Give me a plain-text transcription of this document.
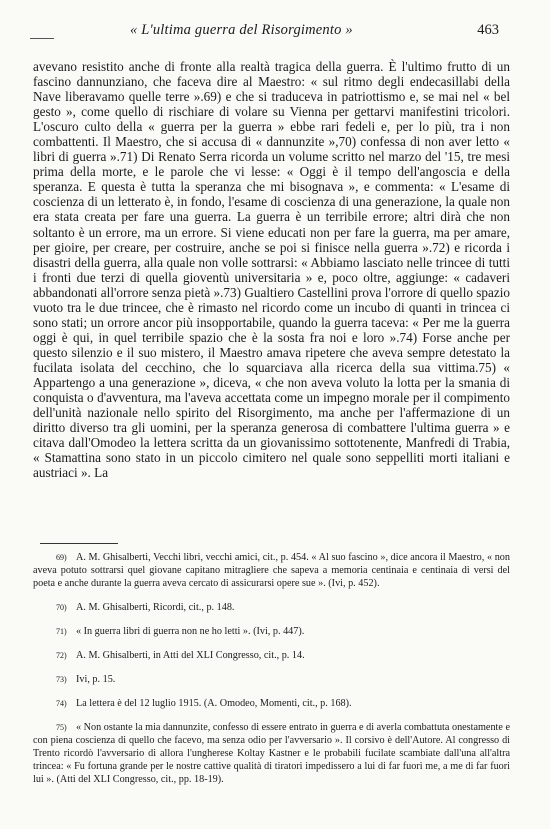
« L'ultima guerra del Risorgimento »	463

avevano resistito anche di fronte alla realtà tragica della guerra. È l'ultimo frutto di un fascino dannunziano, che faceva dire al Maestro: « sul ritmo degli endecasillabi della Nave liberavamo quelle terre ».69) e che si traduceva in patriottismo e, se mai nel « bel gesto », come quello di rischiare di volare su Vienna per gettarvi manifestini tricolori. L'oscuro culto della « guerra per la guerra » ebbe rari fedeli e, per lo più, tra i non combattenti. Il Maestro, che si accusa di « dannunzite »,70) confessa di non aver letto « libri di guerra ».71) Di Renato Serra ricorda un volume scritto nel marzo del '15, tre mesi prima della morte, e le parole che vi lesse: « Oggi è il tempo dell'angoscia e della speranza. E questa è tutta la speranza che mi bisognava », e commenta: « L'esame di coscienza di un letterato è, in fondo, l'esame di coscienza di una generazione, la quale non era stata creata per fare una guerra. La guerra è un terribile errore; altri dirà che non soltanto è un errore, ma un errore. Si viene educati non per fare la guerra, ma per amare, per gioire, per creare, per costruire, anche se poi si finisce nella guerra ».72) e ricorda i disastri della guerra, alla quale non volle sottrarsi: « Abbiamo lasciato nelle trincee di tutti i fronti due terzi di quella gioventù universitaria » e, poco oltre, aggiunge: « cadaveri abbandonati all'orrore senza pietà ».73) Gualtiero Castellini prova l'orrore di quello spazio vuoto tra le due trincee, che è rimasto nel ricordo come un incubo di quanti in trincea ci sono stati; un orrore ancor più insopportabile, quando la guerra taceva: « Per me la guerra oggi è qui, in quel terribile spazio che è la sosta fra noi e loro ».74) Forse anche per questo silenzio e il suo mistero, il Maestro amava ripetere che aveva sempre detestato la fucilata isolata del cecchino, che lo squarciava alla ricerca della sua vittima.75) « Appartengo a una generazione », diceva, « che non aveva voluto la lotta per la smania di conquista o d'avventura, ma l'aveva accettata come un impegno morale per il compimento dell'unità nazionale nello spirito del Risorgimento, ma anche per l'affermazione di un diritto diverso tra gli uomini, per la speranza generosa di combattere l'ultima guerra » e citava dall'Omodeo la lettera scritta da un giovanissimo sottotenente, Manfredi di Trabia, « Stamattina sono stato in un piccolo cimitero nel quale sono seppelliti morti italiani e austriaci ». La

69) A. M. Ghisalberti, Vecchi libri, vecchi amici, cit., p. 454. « Al suo fascino », dice ancora il Maestro, « non aveva potuto sottrarsi quel giovane capitano mitragliere che sapeva a memoria centinaia e centinaia di versi del poeta e anche durante la guerra aveva cercato di assicurarsi opere sue ». (Ivi, p. 452).

70) A. M. Ghisalberti, Ricordi, cit., p. 148.

71) « In guerra libri di guerra non ne ho letti ». (Ivi, p. 447).

72) A. M. Ghisalberti, in Atti del XLI Congresso, cit., p. 14.

73) Ivi, p. 15.

74) La lettera è del 12 luglio 1915. (A. Omodeo, Momenti, cit., p. 168).

75) « Non ostante la mia dannunzite, confesso di essere entrato in guerra e di averla combattuta onestamente e con piena coscienza di quello che facevo, ma senza odio per l'avversario ». Il corsivo è dell'Autore. Al congresso di Trento ricordò l'avversario di allora l'ungherese Koltay Kastner e le probabili fucilate scambiate dall'una all'altra trincea: « Fu fortuna grande per le nostre cattive qualità di tiratori impedissero a lui di far fuori me, a me di far fuori lui ». (Atti del XLI Congresso, cit., pp. 18-19).
